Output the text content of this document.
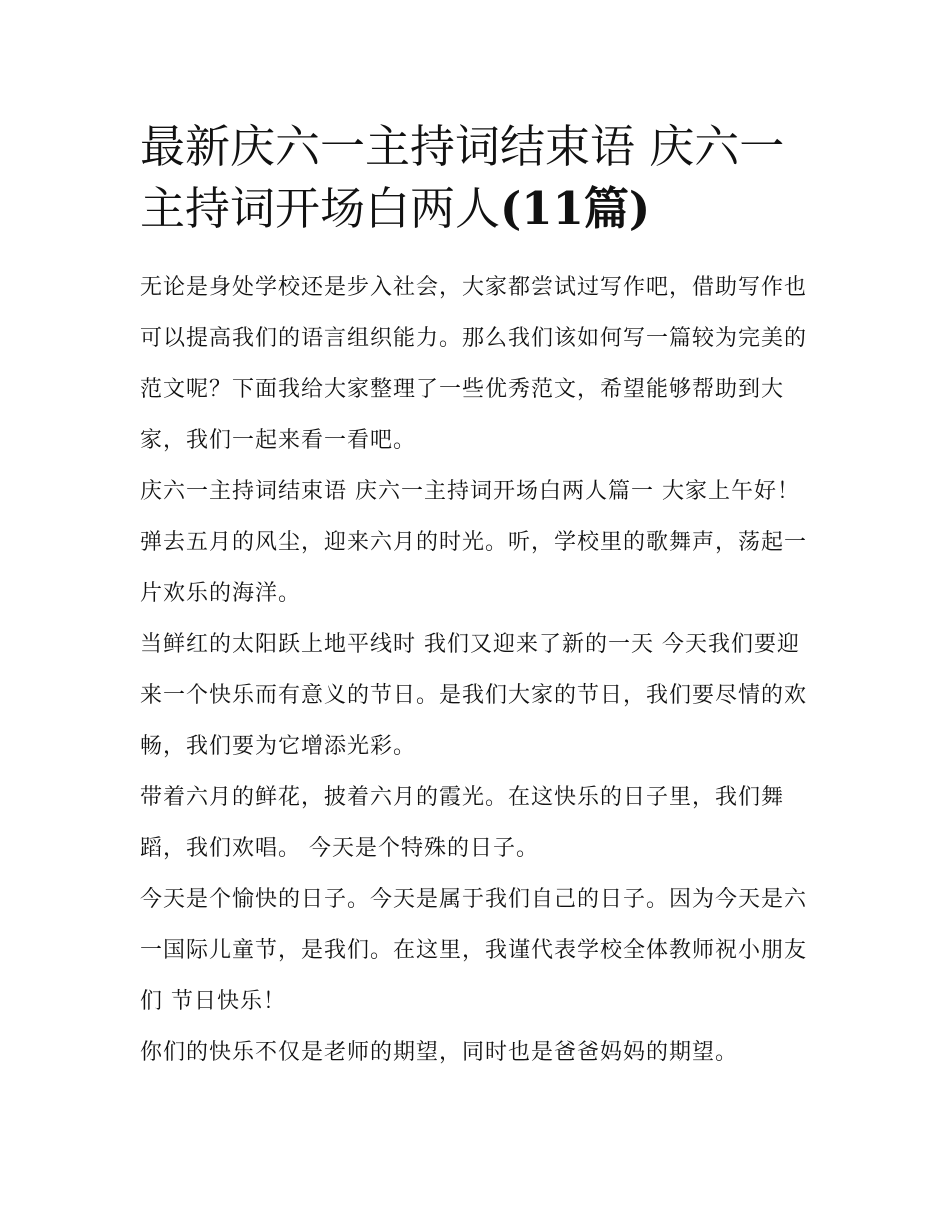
最新庆六一主持词结束语 庆六一主持词开场白两人(11篇)

无论是身处学校还是步入社会，大家都尝试过写作吧，借助写作也可以提高我们的语言组织能力。那么我们该如何写一篇较为完美的范文呢？下面我给大家整理了一些优秀范文，希望能够帮助到大家，我们一起来看一看吧。

庆六一主持词结束语 庆六一主持词开场白两人篇一 大家上午好！ 弹去五月的风尘，迎来六月的时光。听，学校里的歌舞声，荡起一片欢乐的海洋。

当鲜红的太阳跃上地平线时 我们又迎来了新的一天 今天我们要迎来一个快乐而有意义的节日。是我们大家的节日，我们要尽情的欢畅，我们要为它增添光彩。

带着六月的鲜花，披着六月的霞光。在这快乐的日子里，我们舞蹈，我们欢唱。 今天是个特殊的日子。

今天是个愉快的日子。今天是属于我们自己的日子。因为今天是六一国际儿童节，是我们。在这里，我谨代表学校全体教师祝小朋友们 节日快乐！

你们的快乐不仅是老师的期望，同时也是爸爸妈妈的期望。
